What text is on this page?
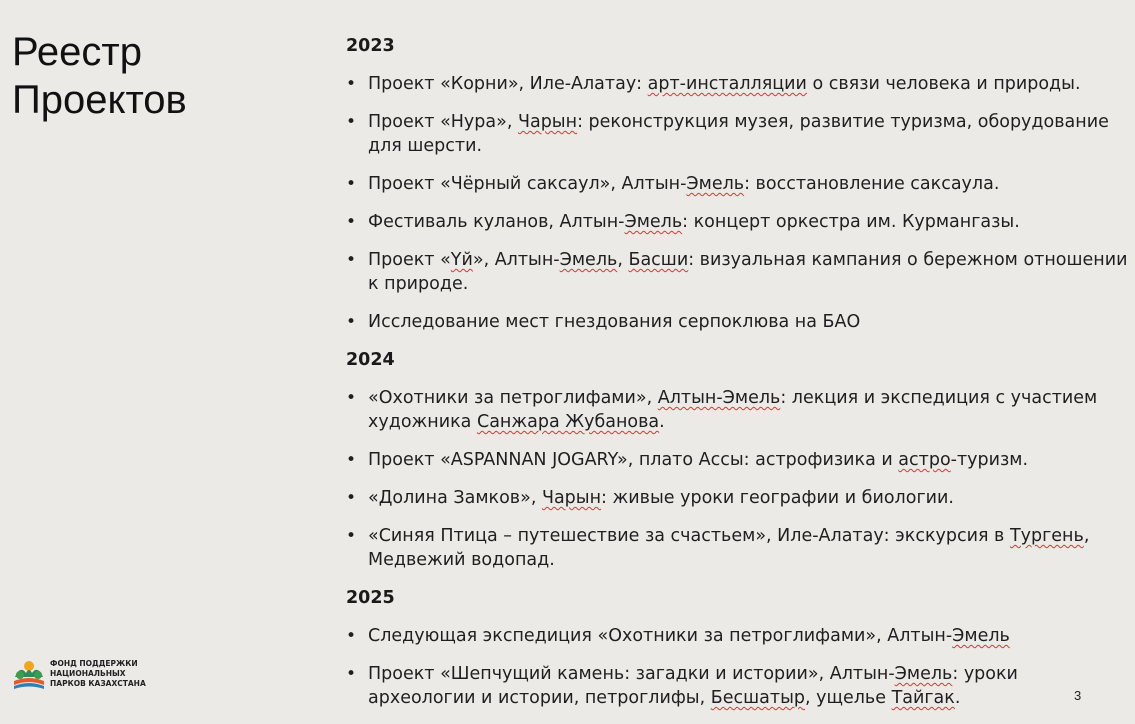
Реестр
Проектов
2023
• Проект «Корни», Иле-Алатау: арт-инсталляции о связи человека и природы.
• Проект «Нура», Чарын: реконструкция музея, развитие туризма, оборудование для шерсти.
• Проект «Чёрный саксаул», Алтын-Эмель: восстановление саксаула.
• Фестиваль куланов, Алтын-Эмель: концерт оркестра им. Курмангазы.
• Проект «Үй», Алтын-Эмель, Басши: визуальная кампания о бережном отношении к природе.
• Исследование мест гнездования серпоклюва на БАО
2024
• «Охотники за петроглифами», Алтын-Эмель: лекция и экспедиция с участием художника Санжара Жубанова.
• Проект «ASPANNAN JOGARY», плато Ассы: астрофизика и астро-туризм.
• «Долина Замков», Чарын: живые уроки географии и биологии.
• «Синяя Птица – путешествие за счастьем», Иле-Алатау: экскурсия в Тургень, Медвежий водопад.
2025
• Следующая экспедиция «Охотники за петроглифами», Алтын-Эмель
• Проект «Шепчущий камень: загадки и истории», Алтын-Эмель: уроки археологии и истории, петроглифы, Бесшатыр, ущелье Тайгак.
ФОНД ПОДДЕРЖКИ
НАЦИОНАЛЬНЫХ
ПАРКОВ КАЗАХСТАНА
3
